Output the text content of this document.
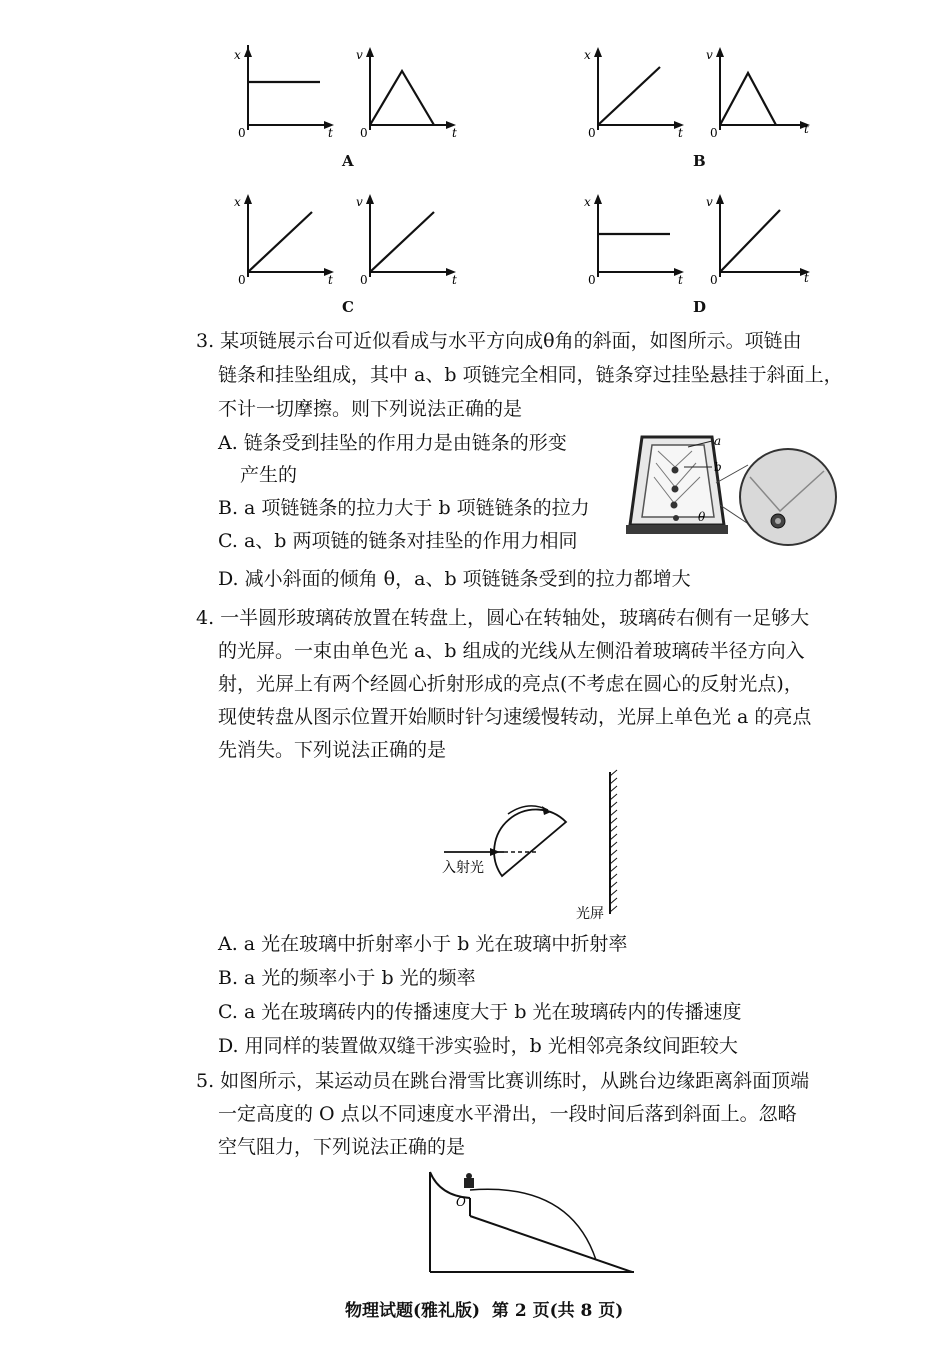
x
0	t
v
0	t
A
x
0	t
v
0	t
B
x
0	t
v
0	t
C
x
0	t
v
0	t
D
3. 某项链展示台可近似看成与水平方向成θ角的斜面，如图所示。项链由
链条和挂坠组成，其中 a、b 项链完全相同，链条穿过挂坠悬挂于斜面上，
不计一切摩擦。则下列说法正确的是
A. 链条受到挂坠的作用力是由链条的形变
产生的
B. a 项链链条的拉力大于 b 项链链条的拉力
C. a、b 两项链的链条对挂坠的作用力相同
D. 减小斜面的倾角 θ，a、b 项链链条受到的拉力都增大
a
b
θ
4. 一半圆形玻璃砖放置在转盘上，圆心在转轴处，玻璃砖右侧有一足够大
的光屏。一束由单色光 a、b 组成的光线从左侧沿着玻璃砖半径方向入
射，光屏上有两个经圆心折射形成的亮点(不考虑在圆心的反射光点)，
现使转盘从图示位置开始顺时针匀速缓慢转动，光屏上单色光 a 的亮点
先消失。下列说法正确的是
入射光
光屏
A. a 光在玻璃中折射率小于 b 光在玻璃中折射率
B. a 光的频率小于 b 光的频率
C. a 光在玻璃砖内的传播速度大于 b 光在玻璃砖内的传播速度
D. 用同样的装置做双缝干涉实验时，b 光相邻亮条纹间距较大
5. 如图所示，某运动员在跳台滑雪比赛训练时，从跳台边缘距离斜面顶端
一定高度的 O 点以不同速度水平滑出，一段时间后落到斜面上。忽略
空气阻力，下列说法正确的是
O
物理试题(雅礼版)  第 2 页(共 8 页)
